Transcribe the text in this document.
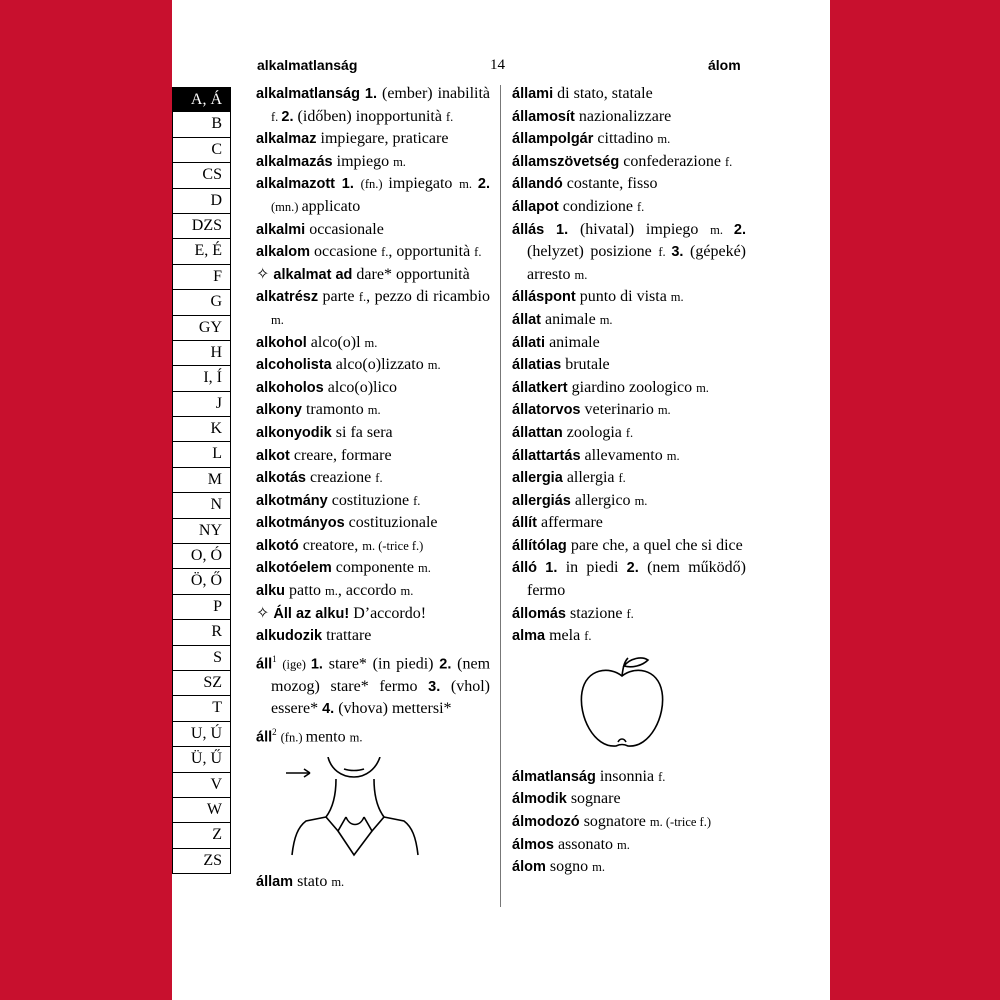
alkalmatlanság	14	álom
A, Á
B
C
CS
D
DZS
E, É
F
G
GY
H
I, Í
J
K
L
M
N
NY
O, Ó
Ö, Ő
P
R
S
SZ
T
U, Ú
Ü, Ű
V
W
Z
ZS

alkalmatlanság 1. (ember) inabilità f. 2. (időben) inopportunità f.

alkalmaz impiegare, praticare

alkalmazás impiego m.

alkalmazott 1. (fn.) impiegato m. 2. (mn.) applicato

alkalmi occasionale

alkalom occasione f., opportunità f.

✧ alkalmat ad dare* opportunità

alkatrész parte f., pezzo di ricambio m.

alkohol alco(o)l m.

alcoholista alco(o)lizzato m.

alkoholos alco(o)lico

alkony tramonto m.

alkonyodik si fa sera

alkot creare, formare

alkotás creazione f.

alkotmány costituzione f.

alkotmányos costituzionale

alkotó creatore, m. (-trice f.)

alkotóelem componente m.

alku patto m., accordo m.

✧ Áll az alku! D’accordo!

alkudozik trattare

áll$^1$ (ige) 1. stare* (in piedi) 2. (nem mozog) stare* fermo 3. (vhol) essere* 4. (vhova) mettersi*

áll$^2$ (fn.) mento m.

állam stato m.

állami di stato, statale

államosít nazionalizzare

állampolgár cittadino m.

államszövetség confederazione f.

állandó costante, fisso

állapot condizione f.

állás 1. (hivatal) impiego m. 2. (helyzet) posizione f. 3. (gépeké) arresto m.

álláspont punto di vista m.

állat animale m.

állati animale

állatias brutale

állatkert giardino zoologico m.

állatorvos veterinario m.

állattan zoologia f.

állattartás allevamento m.

allergia allergia f.

allergiás allergico m.

állít affermare

állítólag pare che, a quel che si dice

álló 1. in piedi 2. (nem működő) fermo

állomás stazione f.

alma mela f.

álmatlanság insonnia f.

álmodik sognare

álmodozó sognatore m. (-trice f.)

álmos assonato m.

álom sogno m.
